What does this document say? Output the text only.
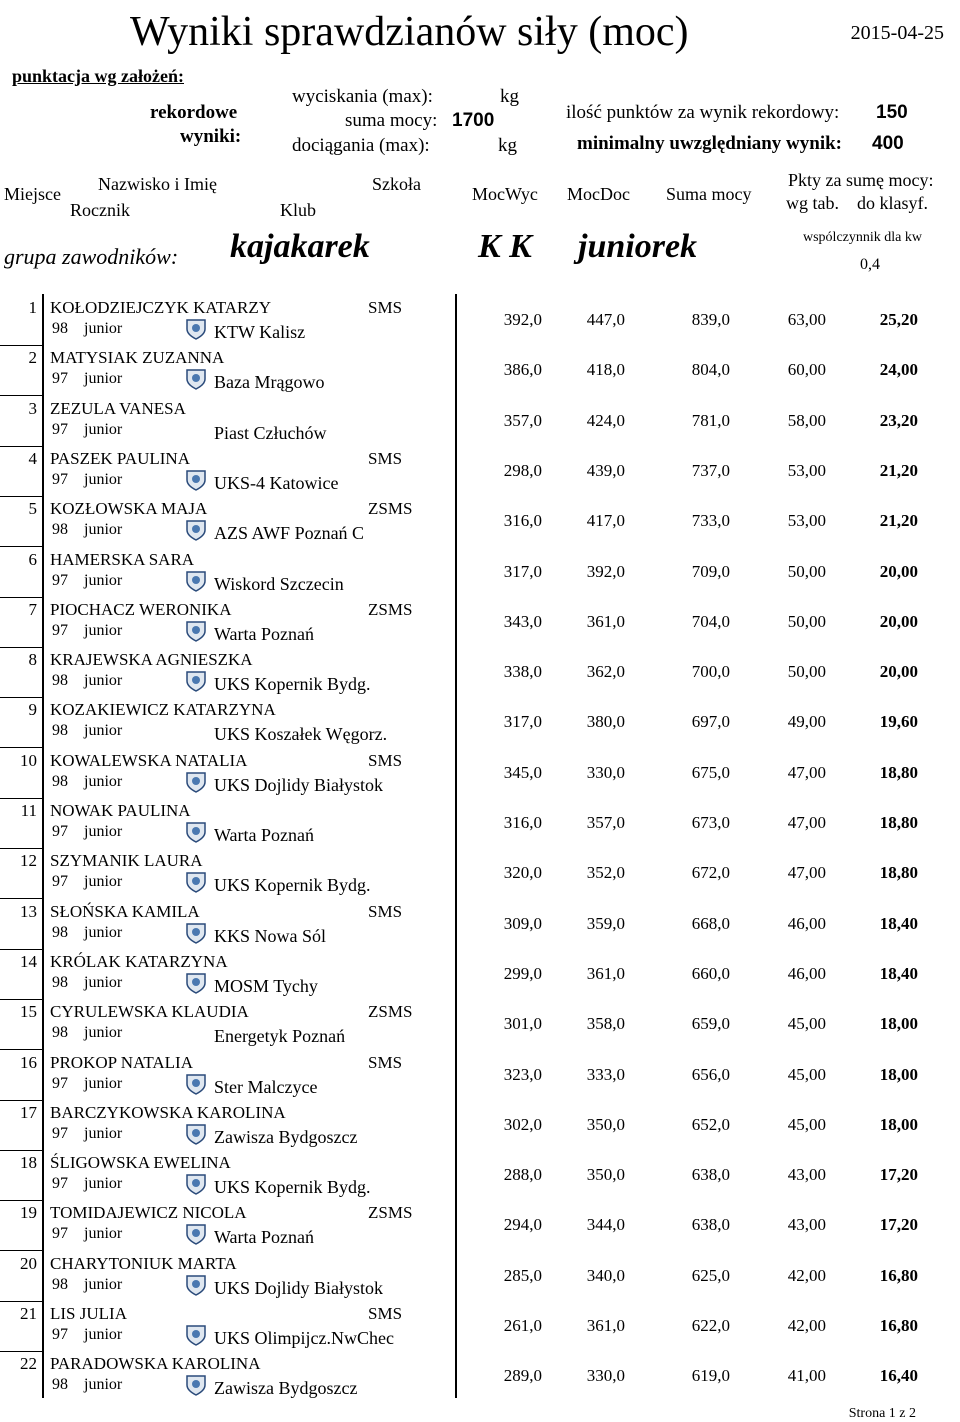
Wyniki sprawdzianów siły (moc)	2015-04-25
punktacja wg założeń:
rekordowe
wyniki:
wyciskania (max):	kg
suma mocy: 1700
dociągania (max):	kg
ilość punktów za wynik rekordowy: 150
minimalny uwzględniany wynik: 400
Miejsce Nazwisko i Imię
Rocznik	Klub
Szkoła	MocWyc MocDoc Suma mocy
Pkty za sumę mocy:
wg tab. do klasyf.
wspólczynnik dla kw
0,4
grupa zawodników: kajakarek	K K juniorek
1 KOŁODZIEJCZYK KATARZY	SMS
98 junior	KTW Kalisz
392,0	447,0	839,0	63,00	25,20
2 MATYSIAK ZUZANNA
97 junior	Baza Mrągowo
386,0	418,0	804,0	60,00	24,00
3 ZEZULA VANESA
97 junior	Piast Człuchów
357,0	424,0	781,0	58,00	23,20
4 PASZEK PAULINA	SMS
97 junior	UKS-4 Katowice
298,0	439,0	737,0	53,00	21,20
5 KOZŁOWSKA MAJA	ZSMS
98 junior	AZS AWF Poznań C
316,0	417,0	733,0	53,00	21,20
6 HAMERSKA SARA
97 junior	Wiskord Szczecin
317,0	392,0	709,0	50,00	20,00
7 PIOCHACZ WERONIKA	ZSMS
97 junior	Warta Poznań
343,0	361,0	704,0	50,00	20,00
8 KRAJEWSKA AGNIESZKA
98 junior	UKS Kopernik Bydg.
338,0	362,0	700,0	50,00	20,00
9 KOZAKIEWICZ KATARZYNA
98 junior	UKS Koszałek Węgorz.
317,0	380,0	697,0	49,00	19,60
10 KOWALEWSKA NATALIA	SMS
98 junior	UKS Dojlidy Białystok
345,0	330,0	675,0	47,00	18,80
11 NOWAK PAULINA
97 junior	Warta Poznań
316,0	357,0	673,0	47,00	18,80
12 SZYMANIK LAURA
97 junior	UKS Kopernik Bydg.
320,0	352,0	672,0	47,00	18,80
13 SŁOŃSKA KAMILA	SMS
98 junior	KKS Nowa Sól
309,0	359,0	668,0	46,00	18,40
14 KRÓLAK KATARZYNA
98 junior	MOSM Tychy
299,0	361,0	660,0	46,00	18,40
15 CYRULEWSKA KLAUDIA	ZSMS
98 junior	Energetyk Poznań
301,0	358,0	659,0	45,00	18,00
16 PROKOP NATALIA	SMS
97 junior	Ster Malczyce
323,0	333,0	656,0	45,00	18,00
17 BARCZYKOWSKA KAROLINA
97 junior	Zawisza Bydgoszcz
302,0	350,0	652,0	45,00	18,00
18 ŚLIGOWSKA EWELINA
97 junior	UKS Kopernik Bydg.
288,0	350,0	638,0	43,00	17,20
19 TOMIDAJEWICZ NICOLA	ZSMS
97 junior	Warta Poznań
294,0	344,0	638,0	43,00	17,20
20 CHARYTONIUK MARTA
98 junior	UKS Dojlidy Białystok
285,0	340,0	625,0	42,00	16,80
21 LIS JULIA	SMS
97 junior	UKS Olimpijcz.NwChec
261,0	361,0	622,0	42,00	16,80
22 PARADOWSKA KAROLINA
98 junior	Zawisza Bydgoszcz
289,0	330,0	619,0	41,00	16,40
Strona 1 z 2
